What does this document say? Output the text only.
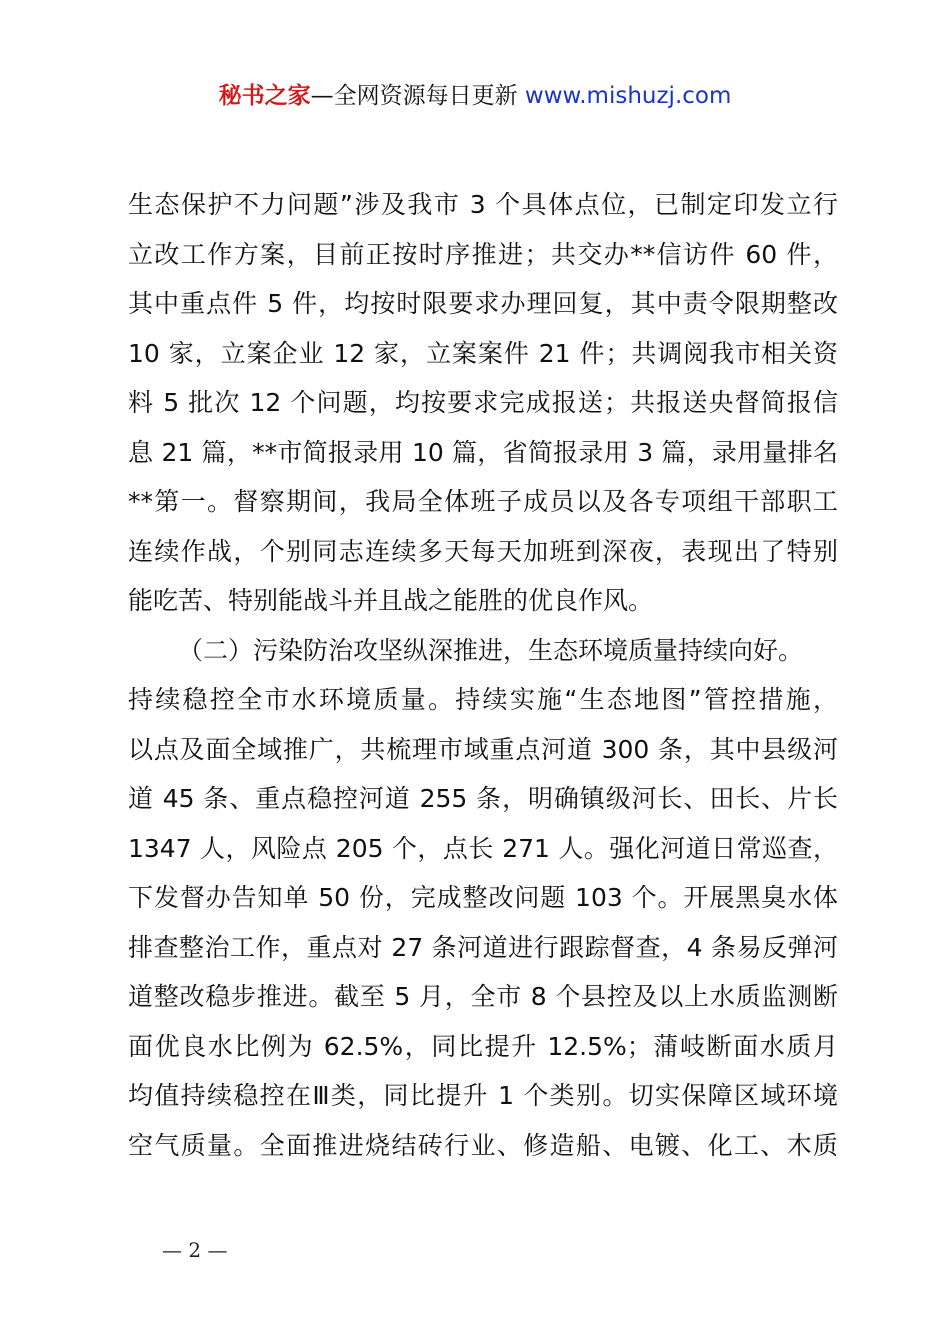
秘书之家—全网资源每日更新 www.mishuzj.com
生态保护不力问题”涉及我市 3 个具体点位，已制定印发立行
立改工作方案，目前正按时序推进；共交办**信访件 60 件，
其中重点件 5 件，均按时限要求办理回复，其中责令限期整改
10 家，立案企业 12 家，立案案件 21 件；共调阅我市相关资
料 5 批次 12 个问题，均按要求完成报送；共报送央督简报信
息 21 篇，**市简报录用 10 篇，省简报录用 3 篇，录用量排名
**第一。督察期间，我局全体班子成员以及各专项组干部职工
连续作战，个别同志连续多天每天加班到深夜，表现出了特别
能吃苦、特别能战斗并且战之能胜的优良作风。
（二）污染防治攻坚纵深推进，生态环境质量持续向好。
持续稳控全市水环境质量。持续实施“生态地图”管控措施，
以点及面全域推广，共梳理市域重点河道 300 条，其中县级河
道 45 条、重点稳控河道 255 条，明确镇级河长、田长、片长
1347 人，风险点 205 个，点长 271 人。强化河道日常巡查，
下发督办告知单 50 份，完成整改问题 103 个。开展黑臭水体
排查整治工作，重点对 27 条河道进行跟踪督查，4 条易反弹河
道整改稳步推进。截至 5 月，全市 8 个县控及以上水质监测断
面优良水比例为 62.5%，同比提升 12.5%；蒲岐断面水质月
均值持续稳控在Ⅲ类，同比提升 1 个类别。切实保障区域环境
空气质量。全面推进烧结砖行业、修造船、电镀、化工、木质
— 2 —
